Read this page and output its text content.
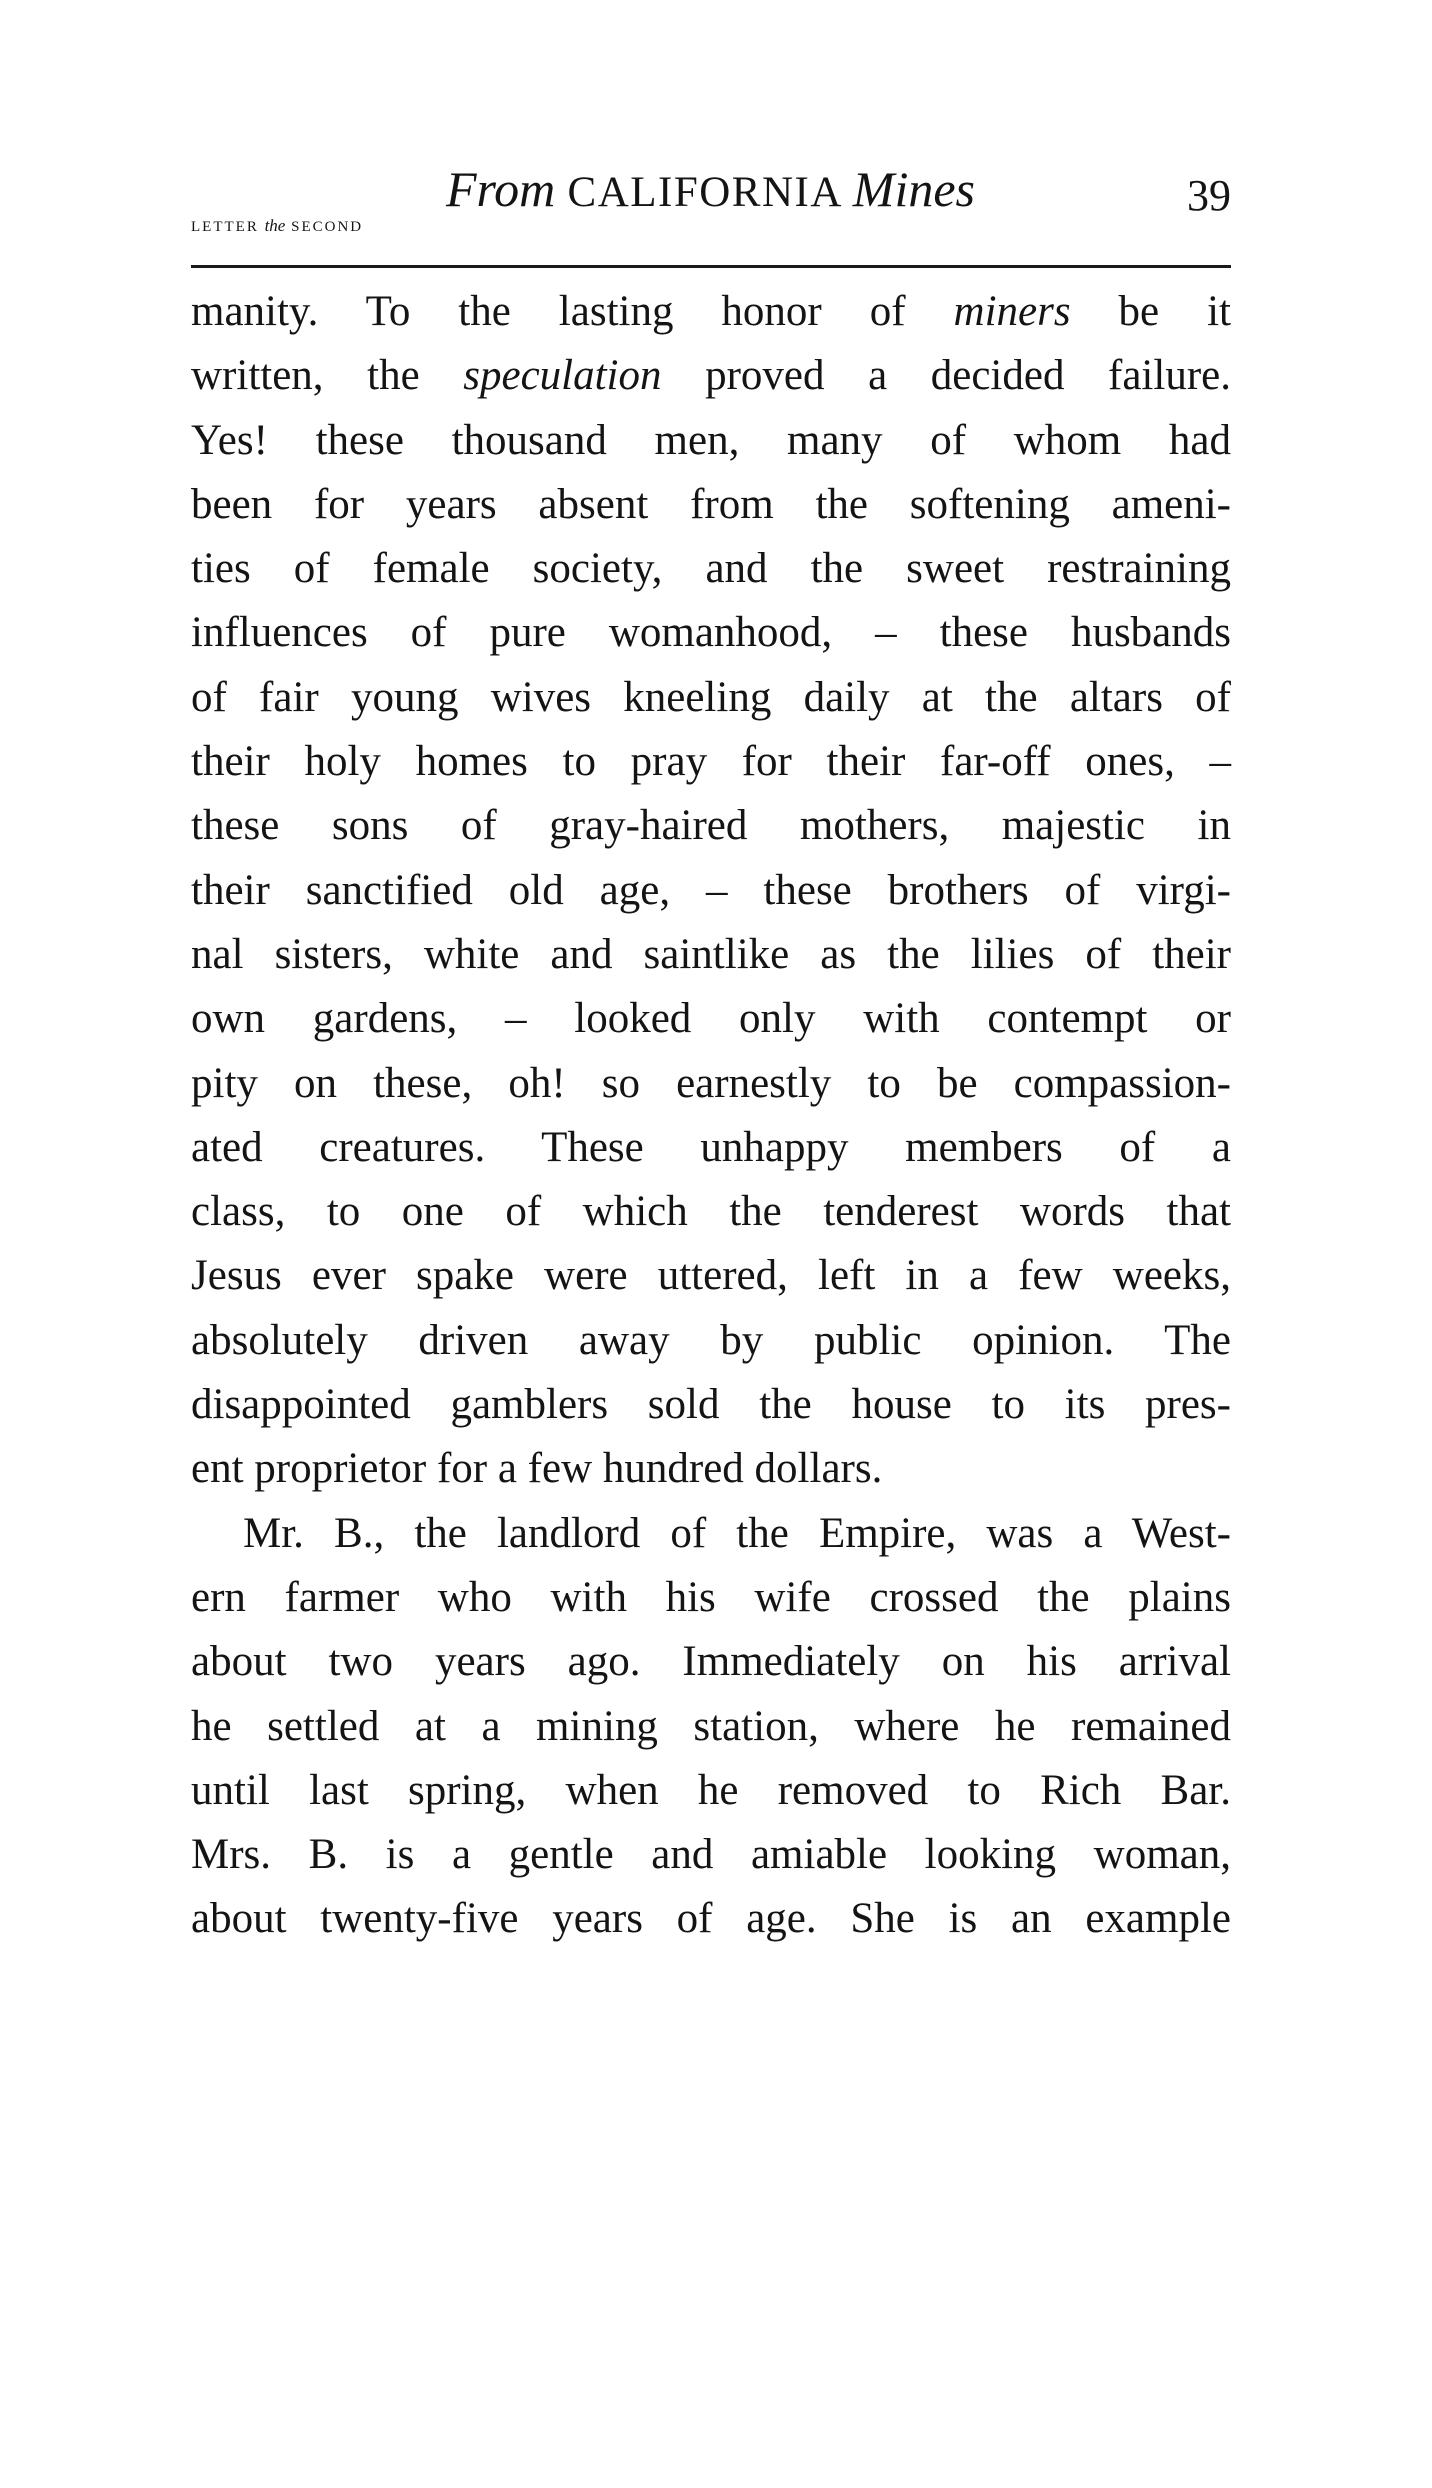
LETTER the SECOND
From CALIFORNIA Mines	39
manity. To the lasting honor of miners be it
written, the speculation proved a decided failure.
Yes! these thousand men, many of whom had
been for years absent from the softening ameni-
ties of female society, and the sweet restraining
influences of pure womanhood, – these husbands
of fair young wives kneeling daily at the altars of
their holy homes to pray for their far-off ones, –
these sons of gray-haired mothers, majestic in
their sanctified old age, – these brothers of virgi-
nal sisters, white and saintlike as the lilies of their
own gardens, – looked only with contempt or
pity on these, oh! so earnestly to be compassion-
ated creatures. These unhappy members of a
class, to one of which the tenderest words that
Jesus ever spake were uttered, left in a few weeks,
absolutely driven away by public opinion. The
disappointed gamblers sold the house to its pres-
ent proprietor for a few hundred dollars.
Mr. B., the landlord of the Empire, was a West-
ern farmer who with his wife crossed the plains
about two years ago. Immediately on his arrival
he settled at a mining station, where he remained
until last spring, when he removed to Rich Bar.
Mrs. B. is a gentle and amiable looking woman,
about twenty-five years of age. She is an example
